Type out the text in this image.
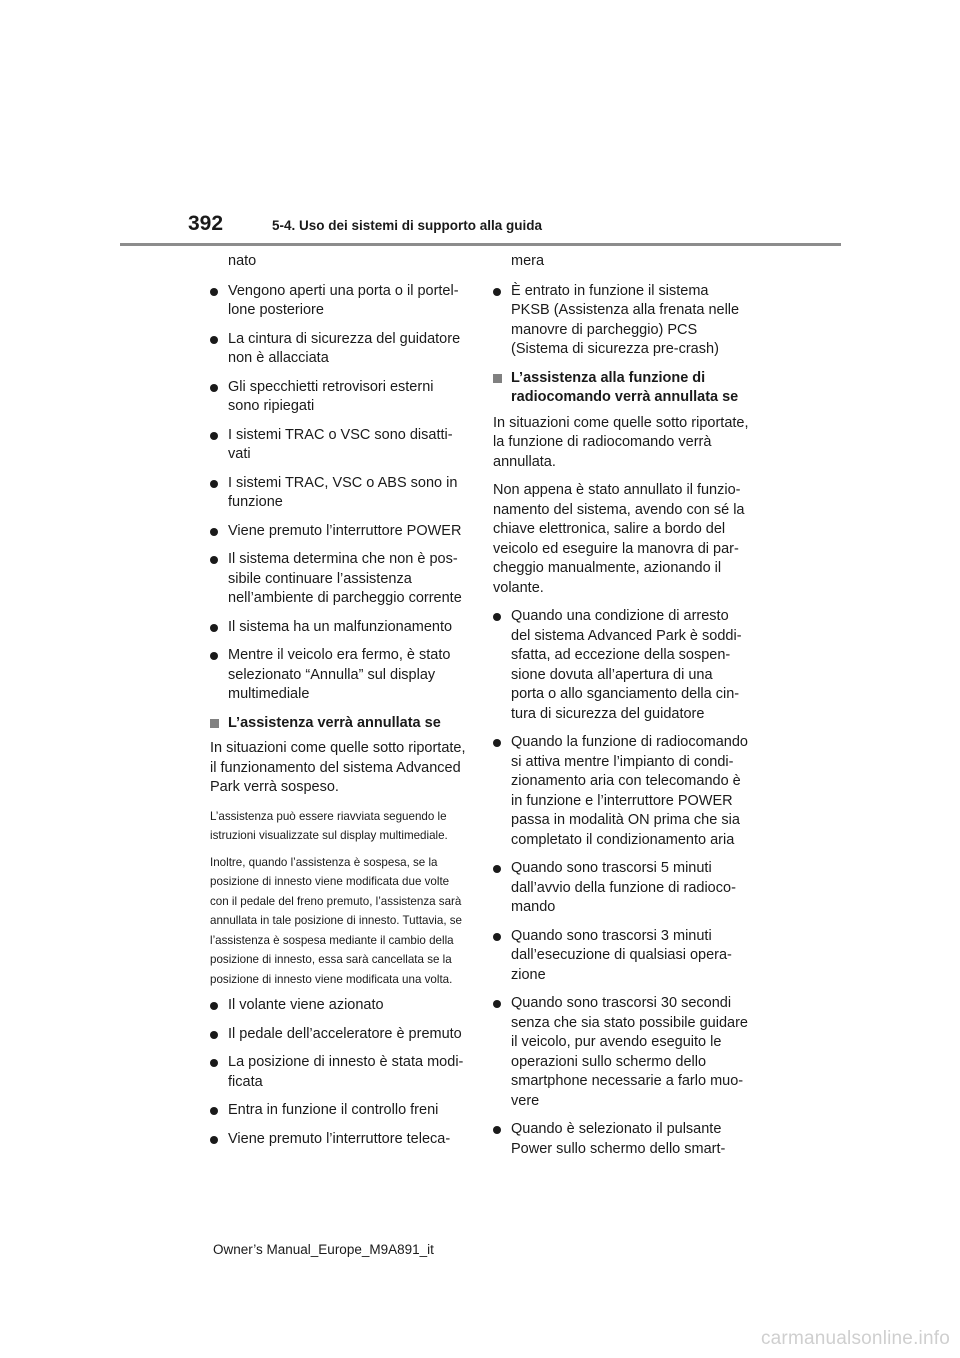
392	5-4. Uso dei sistemi di supporto alla guida
nato
Vengono aperti una porta o il portellone posteriore
La cintura di sicurezza del guidatore non è allacciata
Gli specchietti retrovisori esterni sono ripiegati
I sistemi TRAC o VSC sono disattivati
I sistemi TRAC, VSC o ABS sono in funzione
Viene premuto l’interruttore POWER
Il sistema determina che non è possibile continuare l’assistenza nell’ambiente di parcheggio corrente
Il sistema ha un malfunzionamento
Mentre il veicolo era fermo, è stato selezionato “Annulla” sul display multimediale
L’assistenza verrà annullata se
In situazioni come quelle sotto riportate, il funzionamento del sistema Advanced Park verrà sospeso.
L’assistenza può essere riavviata seguendo le istruzioni visualizzate sul display multimediale.
Inoltre, quando l’assistenza è sospesa, se la posizione di innesto viene modificata due volte con il pedale del freno premuto, l’assistenza sarà annullata in tale posizione di innesto. Tuttavia, se l’assistenza è sospesa mediante il cambio della posizione di innesto, essa sarà cancellata se la posizione di innesto viene modificata una volta.
Il volante viene azionato
Il pedale dell’acceleratore è premuto
La posizione di innesto è stata modificata
Entra in funzione il controllo freni
Viene premuto l’interruttore teleca-
mera
È entrato in funzione il sistema PKSB (Assistenza alla frenata nelle manovre di parcheggio) PCS (Sistema di sicurezza pre-crash)
L’assistenza alla funzione di radiocomando verrà annullata se
In situazioni come quelle sotto riportate, la funzione di radiocomando verrà annullata.
Non appena è stato annullato il funzionamento del sistema, avendo con sé la chiave elettronica, salire a bordo del veicolo ed eseguire la manovra di parcheggio manualmente, azionando il volante.
Quando una condizione di arresto del sistema Advanced Park è soddisfatta, ad eccezione della sospensione dovuta all’apertura di una porta o allo sganciamento della cintura di sicurezza del guidatore
Quando la funzione di radiocomando si attiva mentre l’impianto di condizionamento aria con telecomando è in funzione e l’interruttore POWER passa in modalità ON prima che sia completato il condizionamento aria
Quando sono trascorsi 5 minuti dall’avvio della funzione di radiocomando
Quando sono trascorsi 3 minuti dall’esecuzione di qualsiasi operazione
Quando sono trascorsi 30 secondi senza che sia stato possibile guidare il veicolo, pur avendo eseguito le operazioni sullo schermo dello smartphone necessarie a farlo muovere
Quando è selezionato il pulsante Power sullo schermo dello smart-
Owner’s Manual_Europe_M9A891_it
carmanualsonline.info
